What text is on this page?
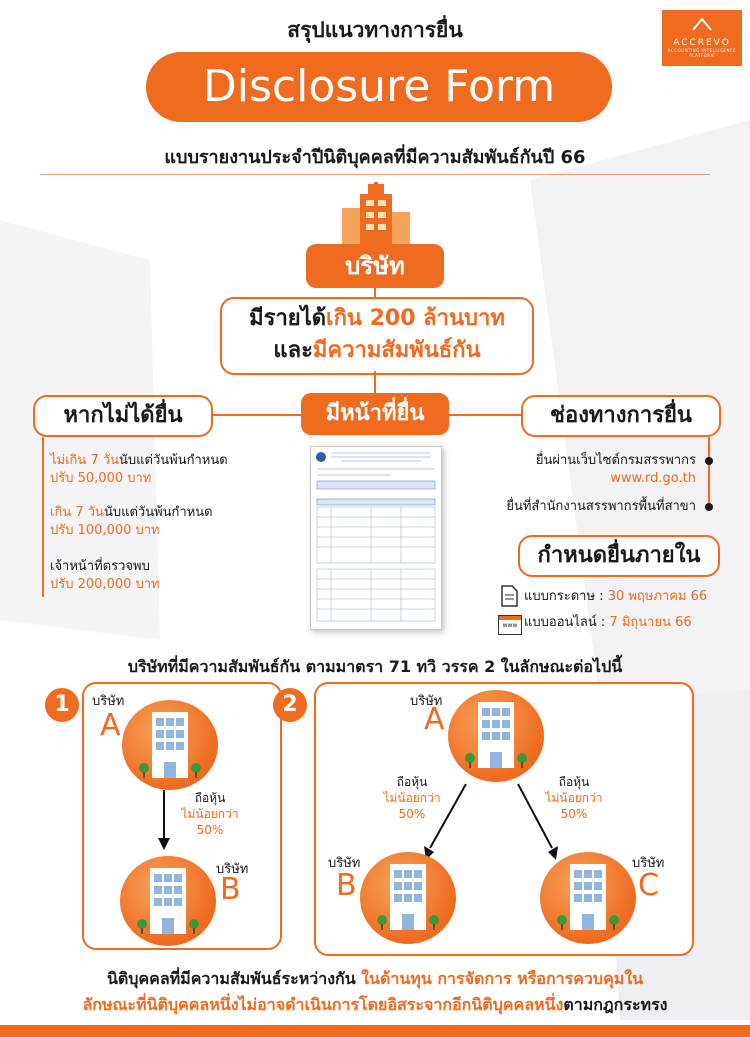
ACCREVO
ACCOUNTING INTELLIGENCE PLATFORM
สรุปแนวทางการยื่น
Disclosure Form
แบบรายงานประจำปีนิติบุคคลที่มีความสัมพันธ์กันปี 66
บริษัท
มีรายได้เกิน 200 ล้านบาท
และมีความสัมพันธ์กัน
มีหน้าที่ยื่น
หากไม่ได้ยื่น
ไม่เกิน 7 วันนับแต่วันพ้นกำหนด
ปรับ 50,000 บาท
เกิน 7 วันนับแต่วันพ้นกำหนด
ปรับ 100,000 บาท
เจ้าหน้าที่ตรวจพบ
ปรับ 200,000 บาท
ช่องทางการยื่น
ยื่นผ่านเว็บไซต์กรมสรรพากร
www.rd.go.th
ยื่นที่สำนักงานสรรพากรพื้นที่สาขา
กำหนดยื่นภายใน
แบบกระดาษ : 30 พฤษภาคม 66
www แบบออนไลน์ : 7 มิถุนายน 66
บริษัทที่มีความสัมพันธ์กัน ตามมาตรา 71 ทวิ วรรค 2 ในลักษณะต่อไปนี้
1	บริษัท
A
ถือหุ้น
ไม่น้อยกว่า
50%
บริษัท
B
2	บริษัท
A
ถือหุ้น
ไม่น้อยกว่า
50%
ถือหุ้น
ไม่น้อยกว่า
50%
บริษัท
B
บริษัท
C
นิติบุคคลที่มีความสัมพันธ์ระหว่างกัน ในด้านทุน การจัดการ หรือการควบคุมใน
ลักษณะที่นิติบุคคลหนึ่งไม่อาจดำเนินการโดยอิสระจากอีกนิติบุคคลหนึ่งตามกฎกระทรง
